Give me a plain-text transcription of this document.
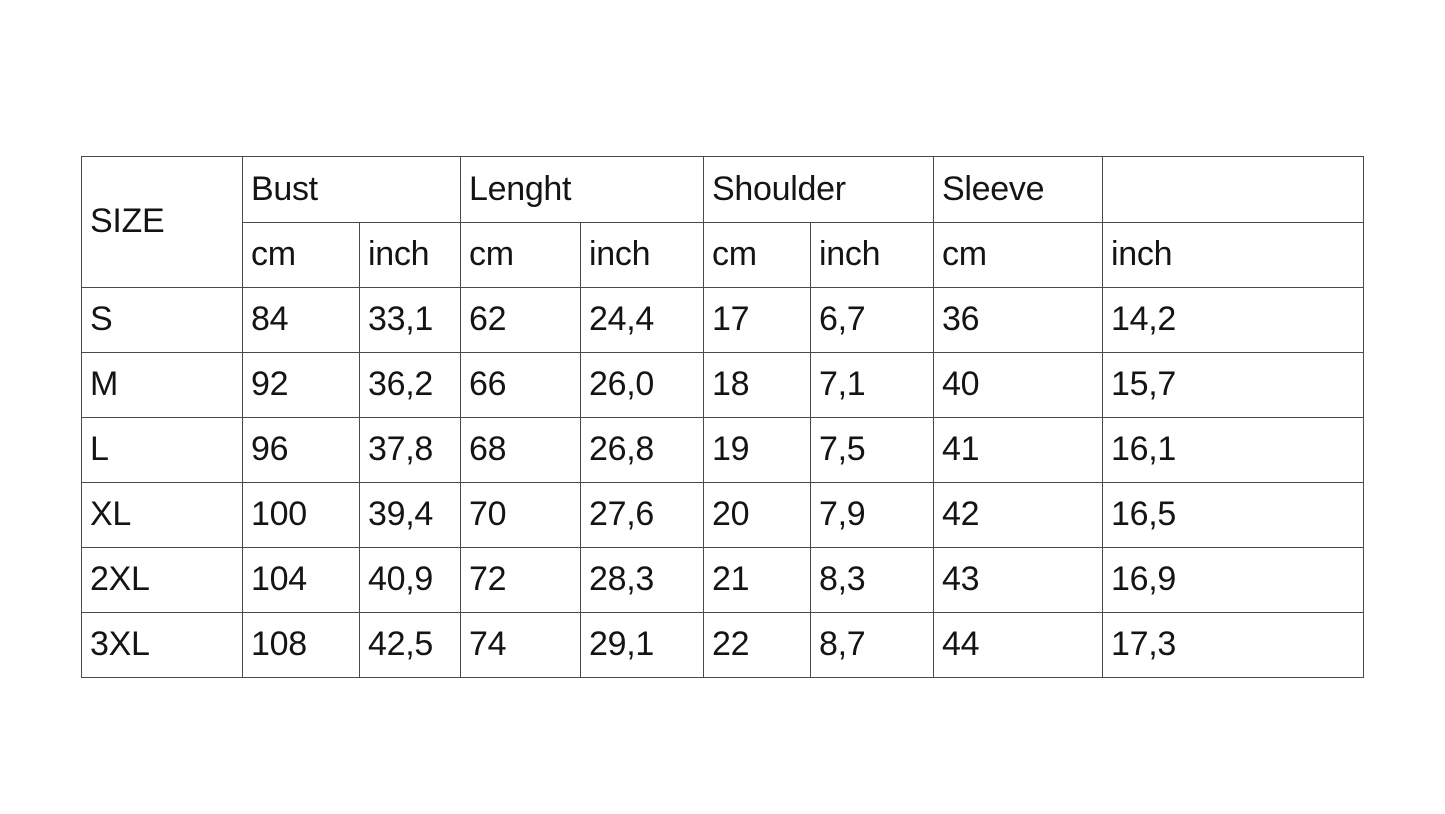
SIZE	Bust		Lenght		Shoulder		Sleeve	
	cm	inch	cm	inch	cm	inch	cm	inch
S	84	33,1	62	24,4	17	6,7	36	14,2
M	92	36,2	66	26,0	18	7,1	40	15,7
L	96	37,8	68	26,8	19	7,5	41	16,1
XL	100	39,4	70	27,6	20	7,9	42	16,5
2XL	104	40,9	72	28,3	21	8,3	43	16,9
3XL	108	42,5	74	29,1	22	8,7	44	17,3
